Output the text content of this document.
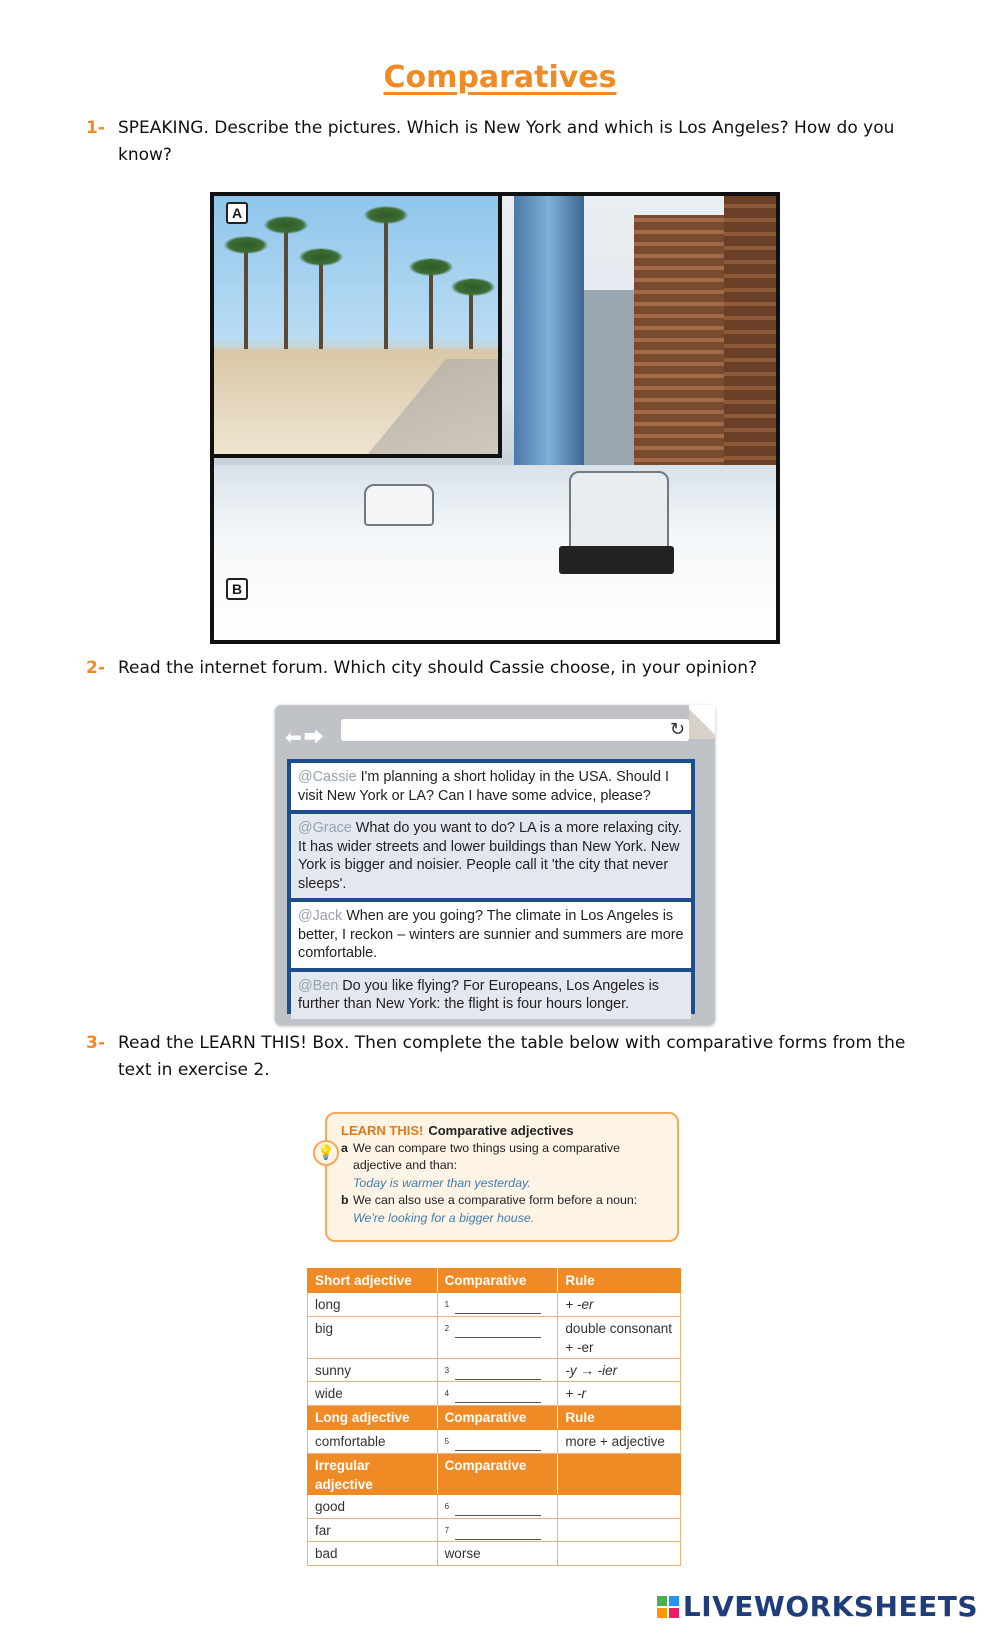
Comparatives
1- SPEAKING. Describe the pictures. Which is New York and which is Los Angeles? How do you know?
A
B
2- Read the internet forum. Which city should Cassie choose, in your opinion?
⬅⮕	↻
@Cassie I'm planning a short holiday in the USA. Should I visit New York or LA? Can I have some advice, please?
@Grace What do you want to do? LA is a more relaxing city. It has wider streets and lower buildings than New York. New York is bigger and noisier. People call it 'the city that never sleeps'.
@Jack When are you going? The climate in Los Angeles is better, I reckon – winters are sunnier and summers are more comfortable.
@Ben Do you like flying? For Europeans, Los Angeles is further than New York: the flight is four hours longer.
3- Read the LEARN THIS! Box. Then complete the table below with comparative forms from the text in exercise 2.
💡
LEARN THIS! Comparative adjectives
a We can compare two things using a comparative adjective and than:
Today is warmer than yesterday.
b We can also use a comparative form before a noun:
We're looking for a bigger house.
Short adjective	Comparative	Rule
long	$^1$	+ -er
big	$^2$	double consonant + -er
sunny	$^3$	-y → -ier
wide	$^4$	+ -r
Long adjective	Comparative	Rule
comfortable	$^5$	more + adjective
Irregular adjective	Comparative	
good	$^6$	
far	$^7$	
bad	worse	
LIVEWORKSHEETS
